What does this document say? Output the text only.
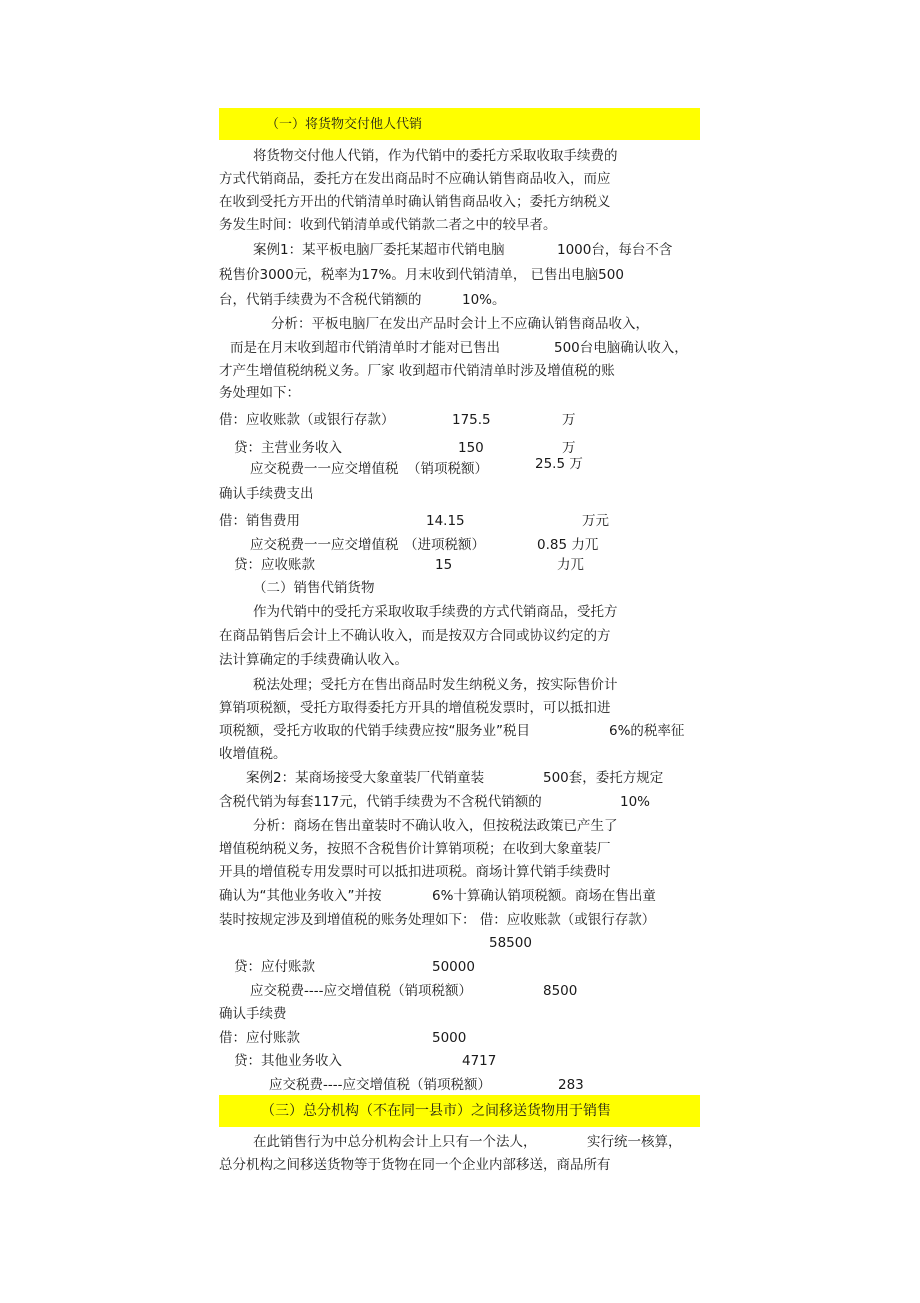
（一）将货物交付他人代销
将货物交付他人代销，作为代销中的委托方采取收取手续费的
方式代销商品，委托方在发出商品时不应确认销售商品收入，而应
在收到受托方开出的代销清单时确认销售商品收入；委托方纳税义
务发生时间：收到代销清单或代销款二者之中的较早者。
案例1：某平板电脑厂委托某超市代销电脑	1000台，每台不含
税售价3000元，税率为17%。月末收到代销清单， 已售出电脑500
台，代销手续费为不含税代销额的	10%。
分析：平板电脑厂在发出产品时会计上不应确认销售商品收入，
而是在月末收到超市代销清单时才能对已售出	500台电脑确认收入，
才产生增值税纳税义务。厂家 收到超市代销清单时涉及增值税的账
务处理如下：
借：应收账款（或银行存款）	175.5	万
贷：主营业务收入	150	万
应交税费一一应交增值税 （销项税额）	25.5 万
确认手续费支出
借：销售费用	14.15	万元
应交税费一一应交增值税 （进项税额）	0.85 力兀
贷：应收账款	15	力兀
（二）销售代销货物
作为代销中的受托方采取收取手续费的方式代销商品，受托方
在商品销售后会计上不确认收入，而是按双方合同或协议约定的方
法计算确定的手续费确认收入。
税法处理；受托方在售出商品时发生纳税义务，按实际售价计
算销项税额，受托方取得委托方开具的增值税发票时，可以抵扣进
项税额，受托方收取的代销手续费应按“服务业”税目	6%的税率征
收增值税。
案例2：某商场接受大象童装厂代销童装	500套，委托方规定
含税代销为每套117元，代销手续费为不含税代销额的	10%
分析：商场在售出童装时不确认收入，但按税法政策已产生了
增值税纳税义务，按照不含税售价计算销项税；在收到大象童装厂
开具的增值税专用发票时可以抵扣进项税。商场计算代销手续费时
确认为“其他业务收入”并按	6%十算确认销项税额。商场在售出童
装时按规定涉及到增值税的账务处理如下： 借：应收账款（或银行存款）
58500
贷：应付账款	50000
应交税费----应交增值税（销项税额）	8500
确认手续费
借：应付账款	5000
贷：其他业务收入	4717
应交税费----应交增值税（销项税额）	283
（三）总分机构（不在同一县市）之间移送货物用于销售
在此销售行为中总分机构会计上只有一个法人，	实行统一核算，
总分机构之间移送货物等于货物在同一个企业内部移送，商品所有
